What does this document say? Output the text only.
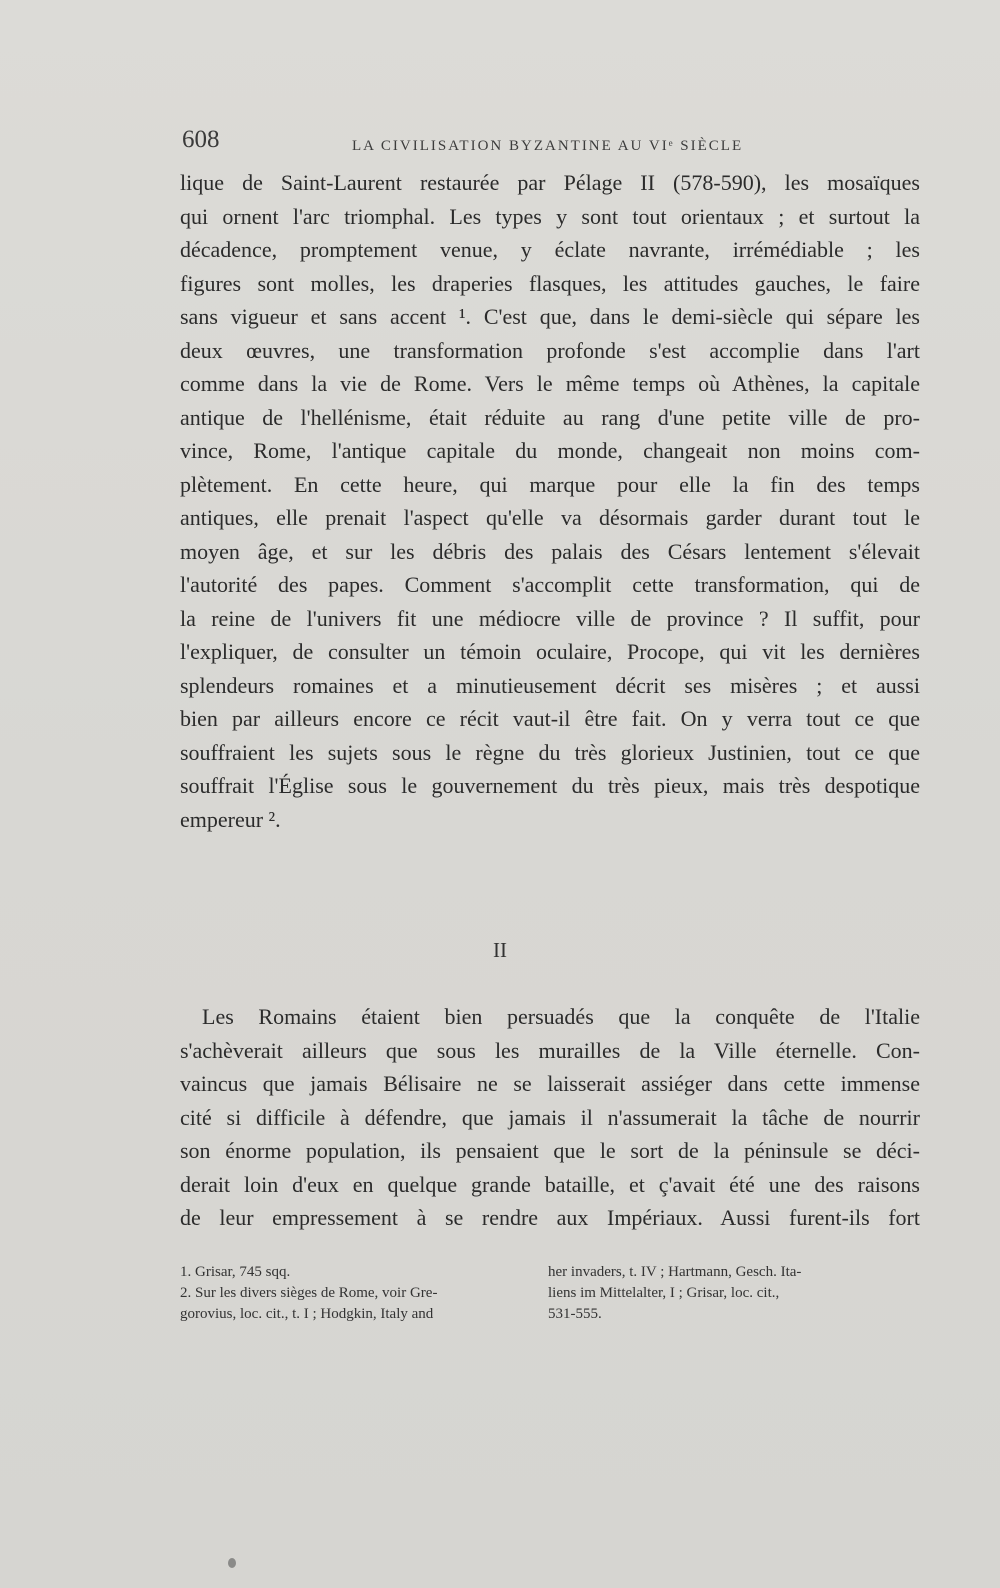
608	LA CIVILISATION BYZANTINE AU VIᵉ SIÈCLE

lique de Saint-Laurent restaurée par Pélage II (578-590), les mosaïques
qui ornent l'arc triomphal. Les types y sont tout orientaux ; et surtout la
décadence, promptement venue, y éclate navrante, irrémédiable ; les
figures sont molles, les draperies flasques, les attitudes gauches, le faire
sans vigueur et sans accent ¹. C'est que, dans le demi-siècle qui sépare les
deux œuvres, une transformation profonde s'est accomplie dans l'art
comme dans la vie de Rome. Vers le même temps où Athènes, la capitale
antique de l'hellénisme, était réduite au rang d'une petite ville de pro-
vince, Rome, l'antique capitale du monde, changeait non moins com-
plètement. En cette heure, qui marque pour elle la fin des temps
antiques, elle prenait l'aspect qu'elle va désormais garder durant tout le
moyen âge, et sur les débris des palais des Césars lentement s'élevait
l'autorité des papes. Comment s'accomplit cette transformation, qui de
la reine de l'univers fit une médiocre ville de province ? Il suffit, pour
l'expliquer, de consulter un témoin oculaire, Procope, qui vit les dernières
splendeurs romaines et a minutieusement décrit ses misères ; et aussi
bien par ailleurs encore ce récit vaut-il être fait. On y verra tout ce que
souffraient les sujets sous le règne du très glorieux Justinien, tout ce que
souffrait l'Église sous le gouvernement du très pieux, mais très despotique
empereur ².

II

Les Romains étaient bien persuadés que la conquête de l'Italie
s'achèverait ailleurs que sous les murailles de la Ville éternelle. Con-
vaincus que jamais Bélisaire ne se laisserait assiéger dans cette immense
cité si difficile à défendre, que jamais il n'assumerait la tâche de nourrir
son énorme population, ils pensaient que le sort de la péninsule se déci-
derait loin d'eux en quelque grande bataille, et ç'avait été une des raisons
de leur empressement à se rendre aux Impériaux. Aussi furent-ils fort

1. Grisar, 745 sqq.
2. Sur les divers sièges de Rome, voir Gre-
gorovius, loc. cit., t. I ; Hodgkin, Italy and
her invaders, t. IV ; Hartmann, Gesch. Ita-
liens im Mittelalter, I ; Grisar, loc. cit.,
531-555.
